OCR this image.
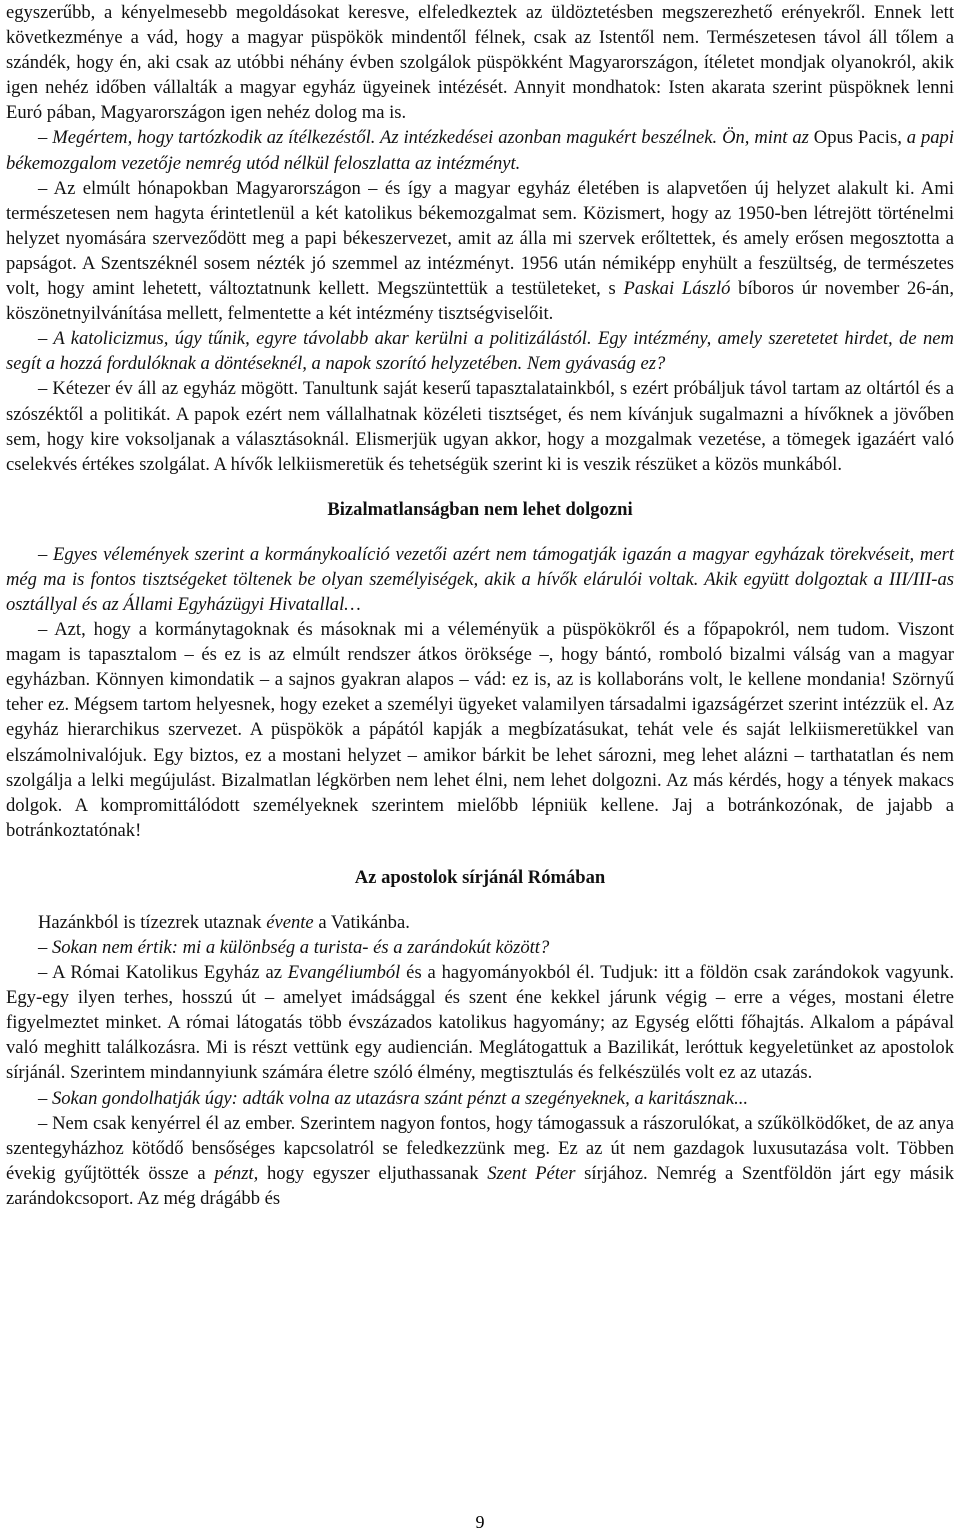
egyszerűbb, a kényelmesebb megoldásokat keresve, elfeledkeztek az üldöztetésben megszerezhető erényekről. Ennek lett következménye a vád, hogy a magyar püspökök mindentől félnek, csak az Istentől nem. Természetesen távol áll tőlem a szándék, hogy én, aki csak az utóbbi néhány évben szolgálok püspökként Magyarországon, ítéletet mondjak olyanokról, akik igen nehéz időben vállalták a magyar egyház ügyeinek intézését. Annyit mondhatok: Isten akarata szerint püspöknek lenni Euró pában, Magyarországon igen nehéz dolog ma is.

– Megértem, hogy tartózkodik az ítélkezéstől. Az intézkedései azonban magukért beszélnek. Ön, mint az Opus Pacis, a papi békemozgalom vezetője nemrég utód nélkül feloszlatta az intézményt.

– Az elmúlt hónapokban Magyarországon – és így a magyar egyház életében is alapvetően új helyzet alakult ki. Ami természetesen nem hagyta érintetlenül a két katolikus békemozgalmat sem. Közismert, hogy az 1950-ben létrejött történelmi helyzet nyomására szerveződött meg a papi békeszervezet, amit az álla mi szervek erőltettek, és amely erősen megosztotta a papságot. A Szentszéknél sosem nézték jó szemmel az intézményt. 1956 után némiképp enyhült a feszültség, de természetes volt, hogy amint lehetett, változtatnunk kellett. Megszüntettük a testületeket, s Paskai László bíboros úr november 26-án, köszönetnyilvánítása mellett, felmentette a két intézmény tisztségviselőit.

– A katolicizmus, úgy tűnik, egyre távolabb akar kerülni a politizálástól. Egy intézmény, amely szeretetet hirdet, de nem segít a hozzá fordulóknak a döntéseknél, a napok szorító helyzetében. Nem gyávaság ez?

– Kétezer év áll az egyház mögött. Tanultunk saját keserű tapasztalatainkból, s ezért próbáljuk távol tartam az oltártól és a szószéktől a politikát. A papok ezért nem vállalhatnak közéleti tisztséget, és nem kívánjuk sugalmazni a hívőknek a jövőben sem, hogy kire voksoljanak a választásoknál. Elismerjük ugyan akkor, hogy a mozgalmak vezetése, a tömegek igazáért való cselekvés értékes szolgálat. A hívők lelkiismeretük és tehetségük szerint ki is veszik részüket a közös munkából.

Bizalmatlanságban nem lehet dolgozni

– Egyes vélemények szerint a kormánykoalíció vezetői azért nem támogatják igazán a magyar egyházak törekvéseit, mert még ma is fontos tisztségeket töltenek be olyan személyiségek, akik a hívők elárulói voltak. Akik együtt dolgoztak a III/III-as osztállyal és az Állami Egyházügyi Hivatallal…

– Azt, hogy a kormánytagoknak és másoknak mi a véleményük a püspökökről és a főpapokról, nem tudom. Viszont magam is tapasztalom – és ez is az elmúlt rendszer átkos öröksége –, hogy bántó, romboló bizalmi válság van a magyar egyházban. Könnyen kimondatik – a sajnos gyakran alapos – vád: ez is, az is kollaboráns volt, le kellene mondania! Szörnyű teher ez. Mégsem tartom helyesnek, hogy ezeket a személyi ügyeket valamilyen társadalmi igazságérzet szerint intézzük el. Az egyház hierarchikus szervezet. A püspökök a pápától kapják a megbízatásukat, tehát vele és saját lelkiismeretükkel van elszámolnivalójuk. Egy biztos, ez a mostani helyzet – amikor bárkit be lehet sározni, meg lehet alázni – tarthatatlan és nem szolgálja a lelki megújulást. Bizalmatlan légkörben nem lehet élni, nem lehet dolgozni. Az más kérdés, hogy a tények makacs dolgok. A kompromittálódott személyeknek szerintem mielőbb lépniük kellene. Jaj a botránkozónak, de jajabb a botránkoztatónak!

Az apostolok sírjánál Rómában

Hazánkból is tízezrek utaznak évente a Vatikánba.

– Sokan nem értik: mi a különbség a turista- és a zarándokút között?

– A Római Katolikus Egyház az Evangéliumból és a hagyományokból él. Tudjuk: itt a földön csak zarándokok vagyunk. Egy-egy ilyen terhes, hosszú út – amelyet imádsággal és szent éne kekkel járunk végig – erre a véges, mostani életre figyelmeztet minket. A római látogatás több évszázados katolikus hagyomány; az Egység előtti főhajtás. Alkalom a pápával való meghitt találkozásra. Mi is részt vettünk egy audiencián. Meglátogattuk a Bazilikát, leróttuk kegyeletünket az apostolok sírjánál. Szerintem mindannyiunk számára életre szóló élmény, megtisztulás és felkészülés volt ez az utazás.

– Sokan gondolhatják úgy: adták volna az utazásra szánt pénzt a szegényeknek, a karitásznak...

– Nem csak kenyérrel él az ember. Szerintem nagyon fontos, hogy támogassuk a rászorulókat, a szűkölködőket, de az anya szentegyházhoz kötődő bensőséges kapcsolatról se feledkezzünk meg. Ez az út nem gazdagok luxusutazása volt. Többen évekig gyűjtötték össze a pénzt, hogy egyszer eljuthassanak Szent Péter sírjához. Nemrég a Szentföldön járt egy másik zarándokcsoport. Az még drágább és

9
